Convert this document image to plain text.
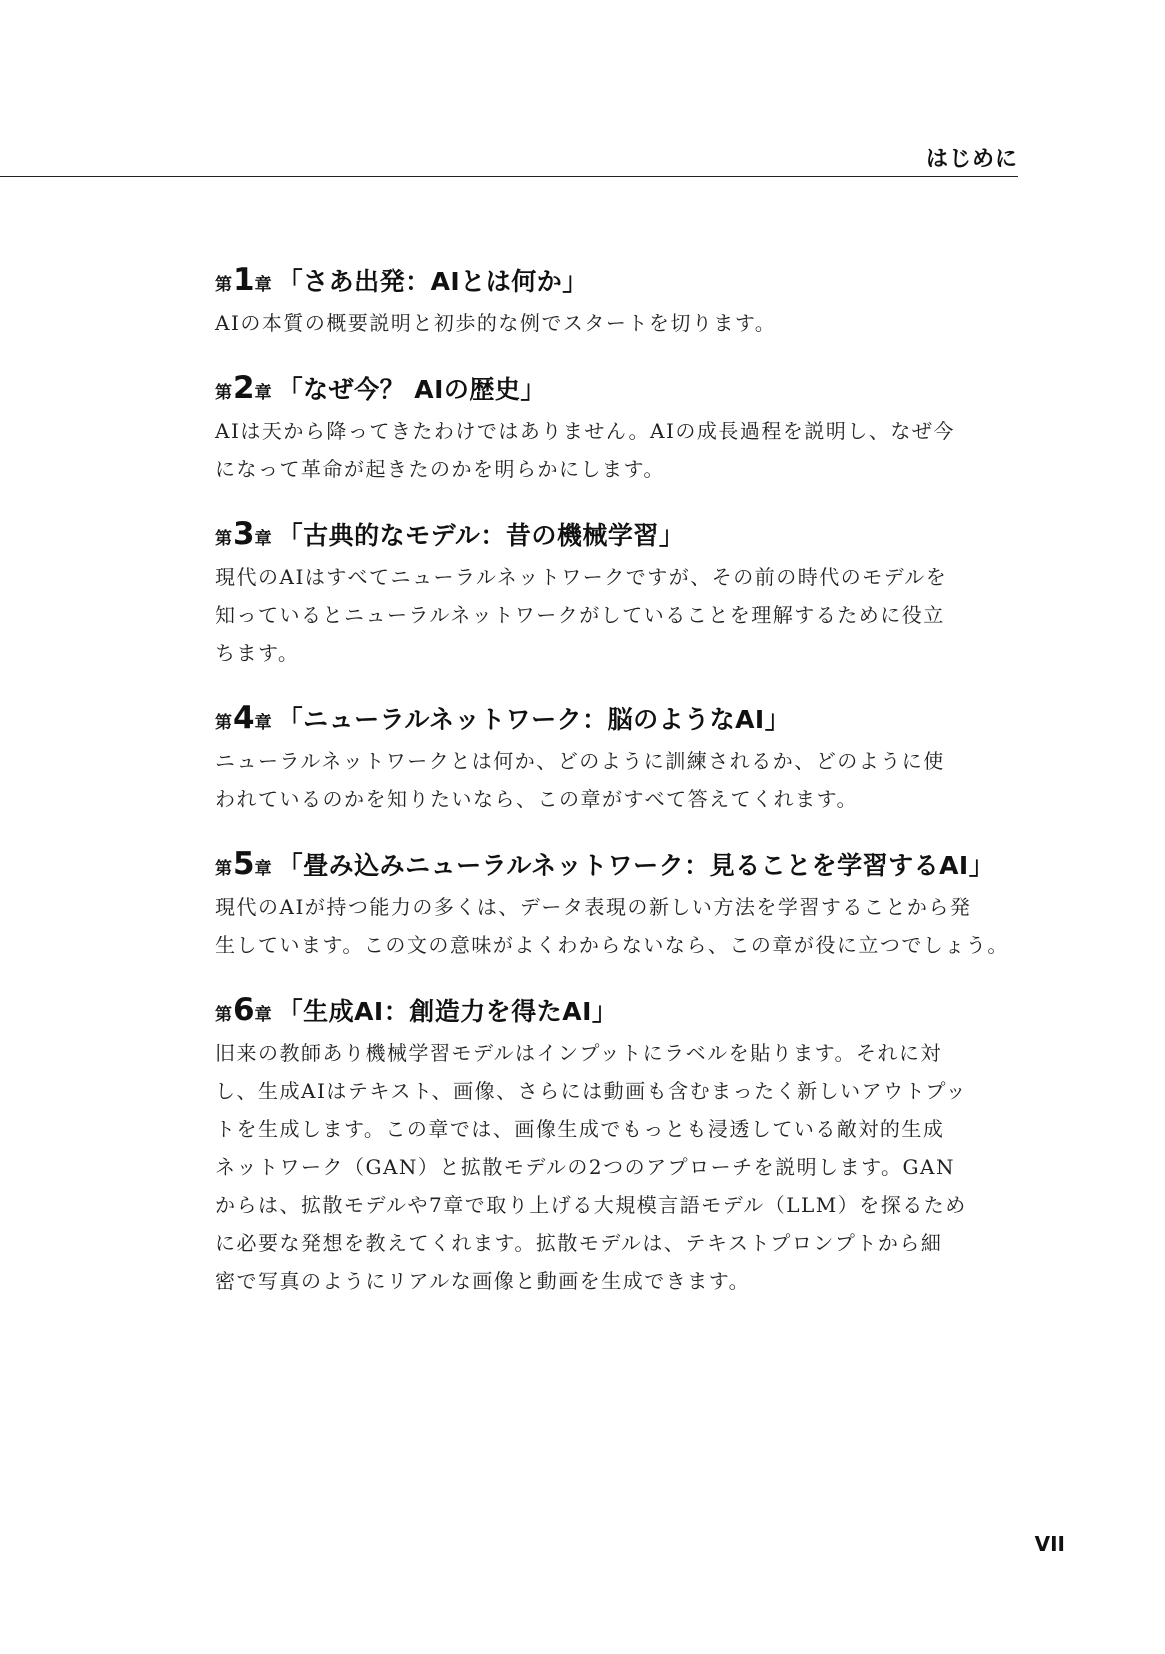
はじめに
第 1 章 「さあ出発：AIとは何か」
AIの本質の概要説明と初歩的な例でスタートを切ります。
第 2 章 「なぜ今？ AIの歴史」
AIは天から降ってきたわけではありません。AIの成長過程を説明し、なぜ今
になって革命が起きたのかを明らかにします。
第 3 章 「古典的なモデル：昔の機械学習」
現代のAIはすべてニューラルネットワークですが、その前の時代のモデルを
知っているとニューラルネットワークがしていることを理解するために役立
ちます。
第 4 章 「ニューラルネットワーク：脳のようなAI」
ニューラルネットワークとは何か、どのように訓練されるか、どのように使
われているのかを知りたいなら、この章がすべて答えてくれます。
第 5 章 「畳み込みニューラルネットワーク：見ることを学習するAI」
現代のAIが持つ能力の多くは、データ表現の新しい方法を学習することから発
生しています。この文の意味がよくわからないなら、この章が役に立つでしょう。
第 6 章 「生成AI：創造力を得たAI」
旧来の教師あり機械学習モデルはインプットにラベルを貼ります。それに対
し、生成AIはテキスト、画像、さらには動画も含むまったく新しいアウトプッ
トを生成します。この章では、画像生成でもっとも浸透している敵対的生成
ネットワーク（GAN）と拡散モデルの2つのアプローチを説明します。GAN
からは、拡散モデルや7章で取り上げる大規模言語モデル（LLM）を探るため
に必要な発想を教えてくれます。拡散モデルは、テキストプロンプトから細
密で写真のようにリアルな画像と動画を生成できます。
VII
